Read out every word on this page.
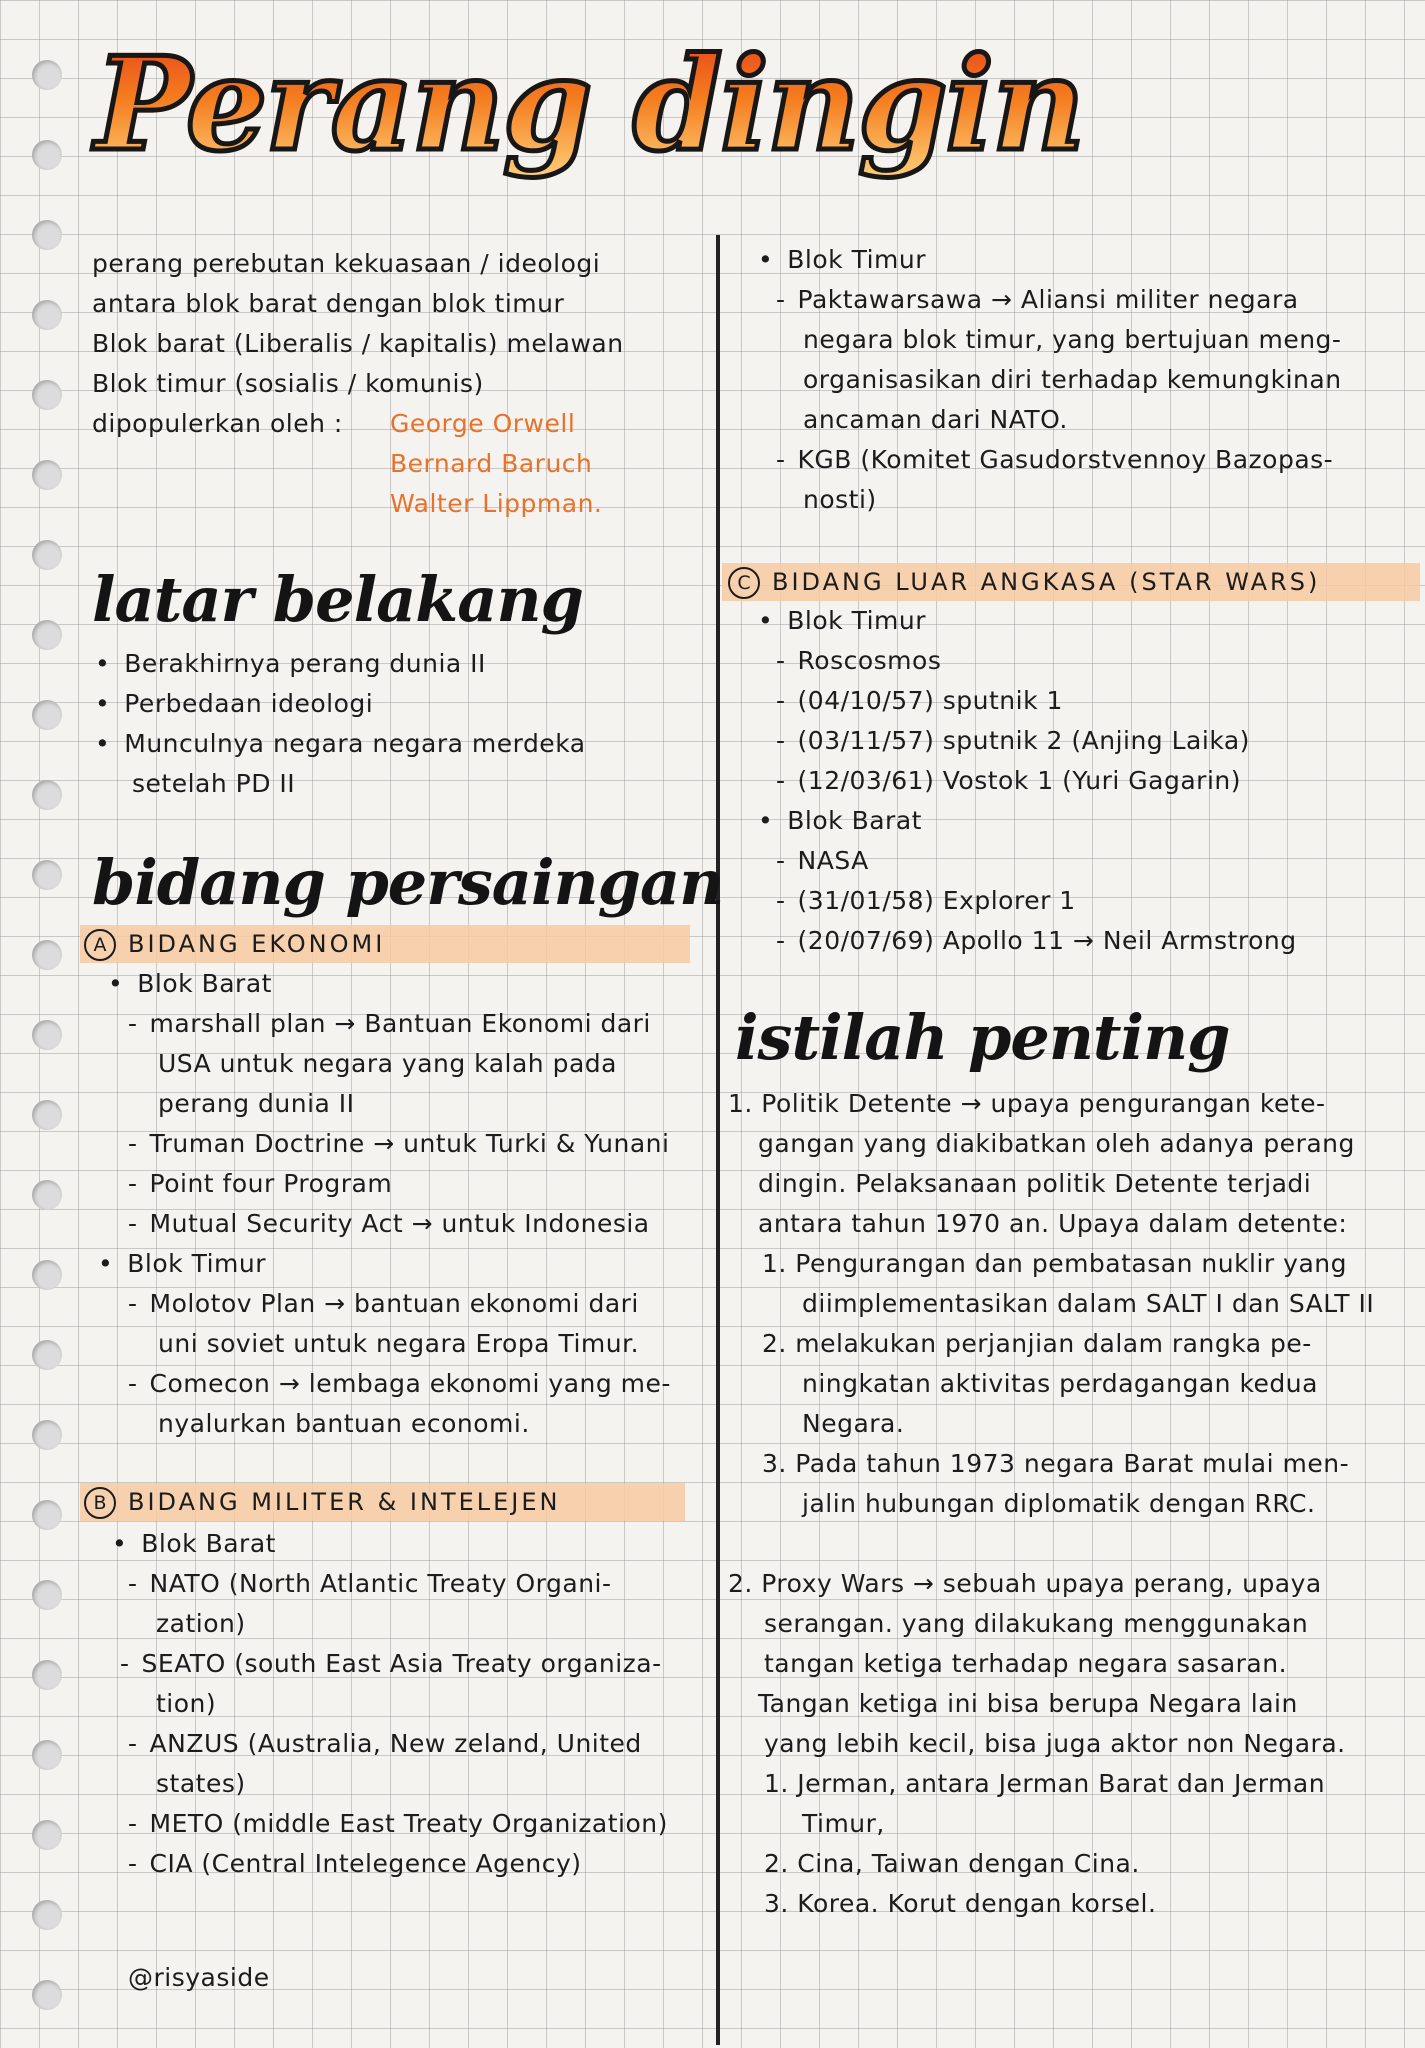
Perang dingin
perang perebutan kekuasaan / ideologi
antara blok barat dengan blok timur
Blok barat (Liberalis / kapitalis) melawan
Blok timur (sosialis / komunis)
dipopulerkan oleh : George Orwell
Bernard Baruch
Walter Lippman.
latar belakang
• Berakhirnya perang dunia II
• Perbedaan ideologi
• Munculnya negara negara merdeka
setelah PD II
bidang persaingan
A BIDANG EKONOMI
• Blok Barat
- marshall plan → Bantuan Ekonomi dari
USA untuk negara yang kalah pada
perang dunia II
- Truman Doctrine → untuk Turki & Yunani
- Point four Program
- Mutual Security Act → untuk Indonesia
• Blok Timur
- Molotov Plan → bantuan ekonomi dari
uni soviet untuk negara Eropa Timur.
- Comecon → lembaga ekonomi yang me-
nyalurkan bantuan economi.
B BIDANG MILITER & INTELEJEN
• Blok Barat
- NATO (North Atlantic Treaty Organi-
zation)
- SEATO (south East Asia Treaty organiza-
tion)
- ANZUS (Australia, New zeland, United
states)
- METO (middle East Treaty Organization)
- CIA (Central Intelegence Agency)
@risyaside
• Blok Timur
- Paktawarsawa → Aliansi militer negara
negara blok timur, yang bertujuan meng-
organisasikan diri terhadap kemungkinan
ancaman dari NATO.
- KGB (Komitet Gasudorstvennoy Bazopas-
nosti)
C BIDANG LUAR ANGKASA (STAR WARS)
• Blok Timur
- Roscosmos
- (04/10/57) sputnik 1
- (03/11/57) sputnik 2 (Anjing Laika)
- (12/03/61) Vostok 1 (Yuri Gagarin)
• Blok Barat
- NASA
- (31/01/58) Explorer 1
- (20/07/69) Apollo 11 → Neil Armstrong
istilah penting
1. Politik Detente → upaya pengurangan kete-
gangan yang diakibatkan oleh adanya perang
dingin. Pelaksanaan politik Detente terjadi
antara tahun 1970 an. Upaya dalam detente:
1. Pengurangan dan pembatasan nuklir yang
diimplementasikan dalam SALT I dan SALT II
2. melakukan perjanjian dalam rangka pe-
ningkatan aktivitas perdagangan kedua
Negara.
3. Pada tahun 1973 negara Barat mulai men-
jalin hubungan diplomatik dengan RRC.
2. Proxy Wars → sebuah upaya perang, upaya
serangan. yang dilakukang menggunakan
tangan ketiga terhadap negara sasaran.
Tangan ketiga ini bisa berupa Negara lain
yang lebih kecil, bisa juga aktor non Negara.
1. Jerman, antara Jerman Barat dan Jerman
Timur,
2. Cina, Taiwan dengan Cina.
3. Korea. Korut dengan korsel.
